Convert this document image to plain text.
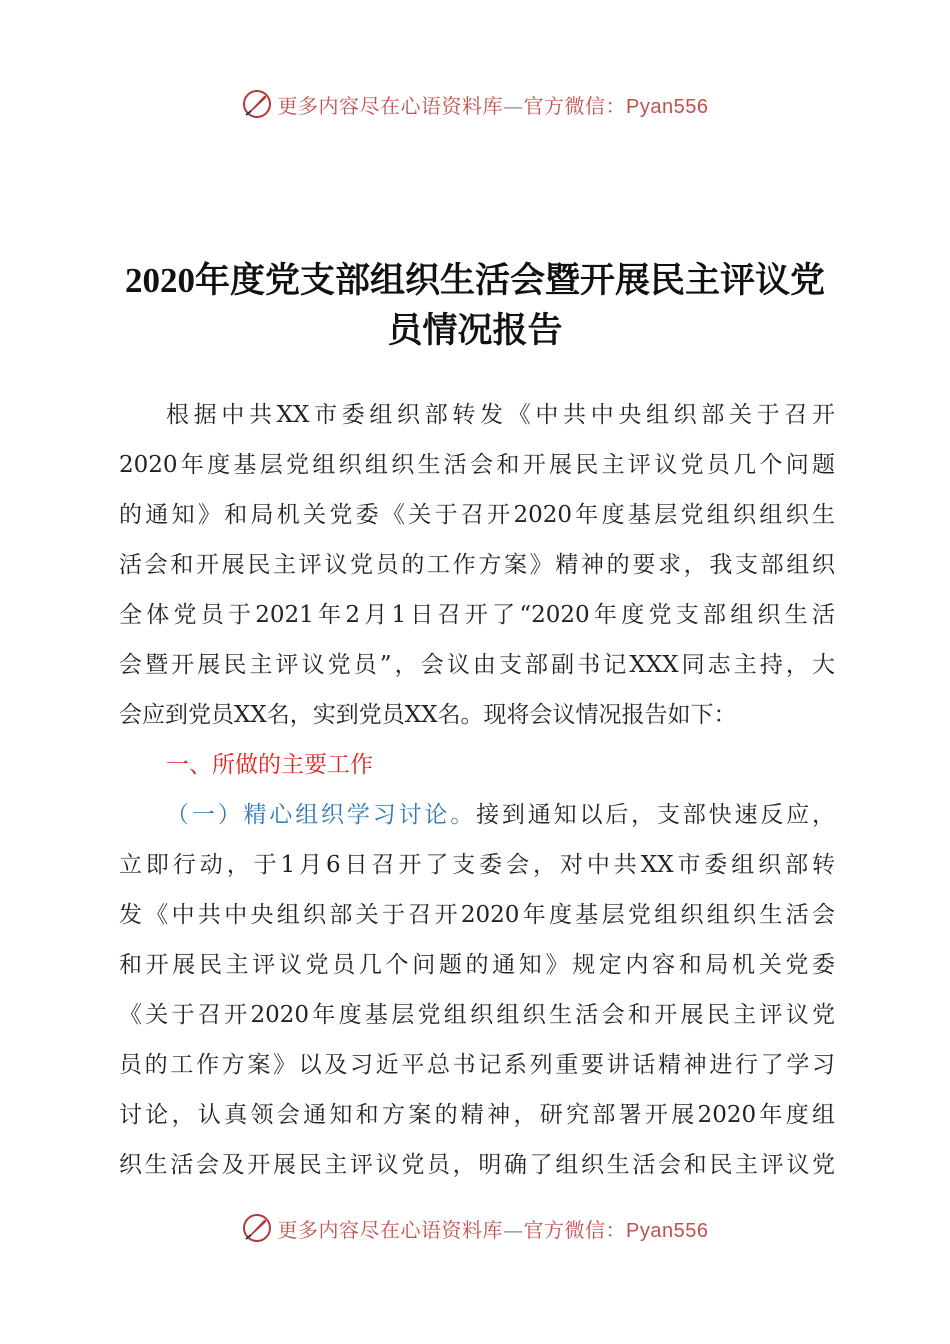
更多内容尽在心语资料库—官方微信：Pyan556
2020年度党支部组织生活会暨开展民主评议党
员情况报告
根据中共XX市委组织部转发《中共中央组织部关于召开
2020年度基层党组织组织生活会和开展民主评议党员几个问题
的通知》和局机关党委《关于召开2020年度基层党组织组织生
活会和开展民主评议党员的工作方案》精神的要求，我支部组织
全体党员于2021年2月1日召开了“2020年度党支部组织生活
会暨开展民主评议党员”，会议由支部副书记XXX同志主持，大
会应到党员XX名，实到党员XX名。现将会议情况报告如下：
一、所做的主要工作
（一）精心组织学习讨论。接到通知以后，支部快速反应，
立即行动，于1月6日召开了支委会，对中共XX市委组织部转
发《中共中央组织部关于召开2020年度基层党组织组织生活会
和开展民主评议党员几个问题的通知》规定内容和局机关党委
《关于召开2020年度基层党组织组织生活会和开展民主评议党
员的工作方案》以及习近平总书记系列重要讲话精神进行了学习
讨论，认真领会通知和方案的精神，研究部署开展2020年度组
织生活会及开展民主评议党员，明确了组织生活会和民主评议党
更多内容尽在心语资料库—官方微信：Pyan556
